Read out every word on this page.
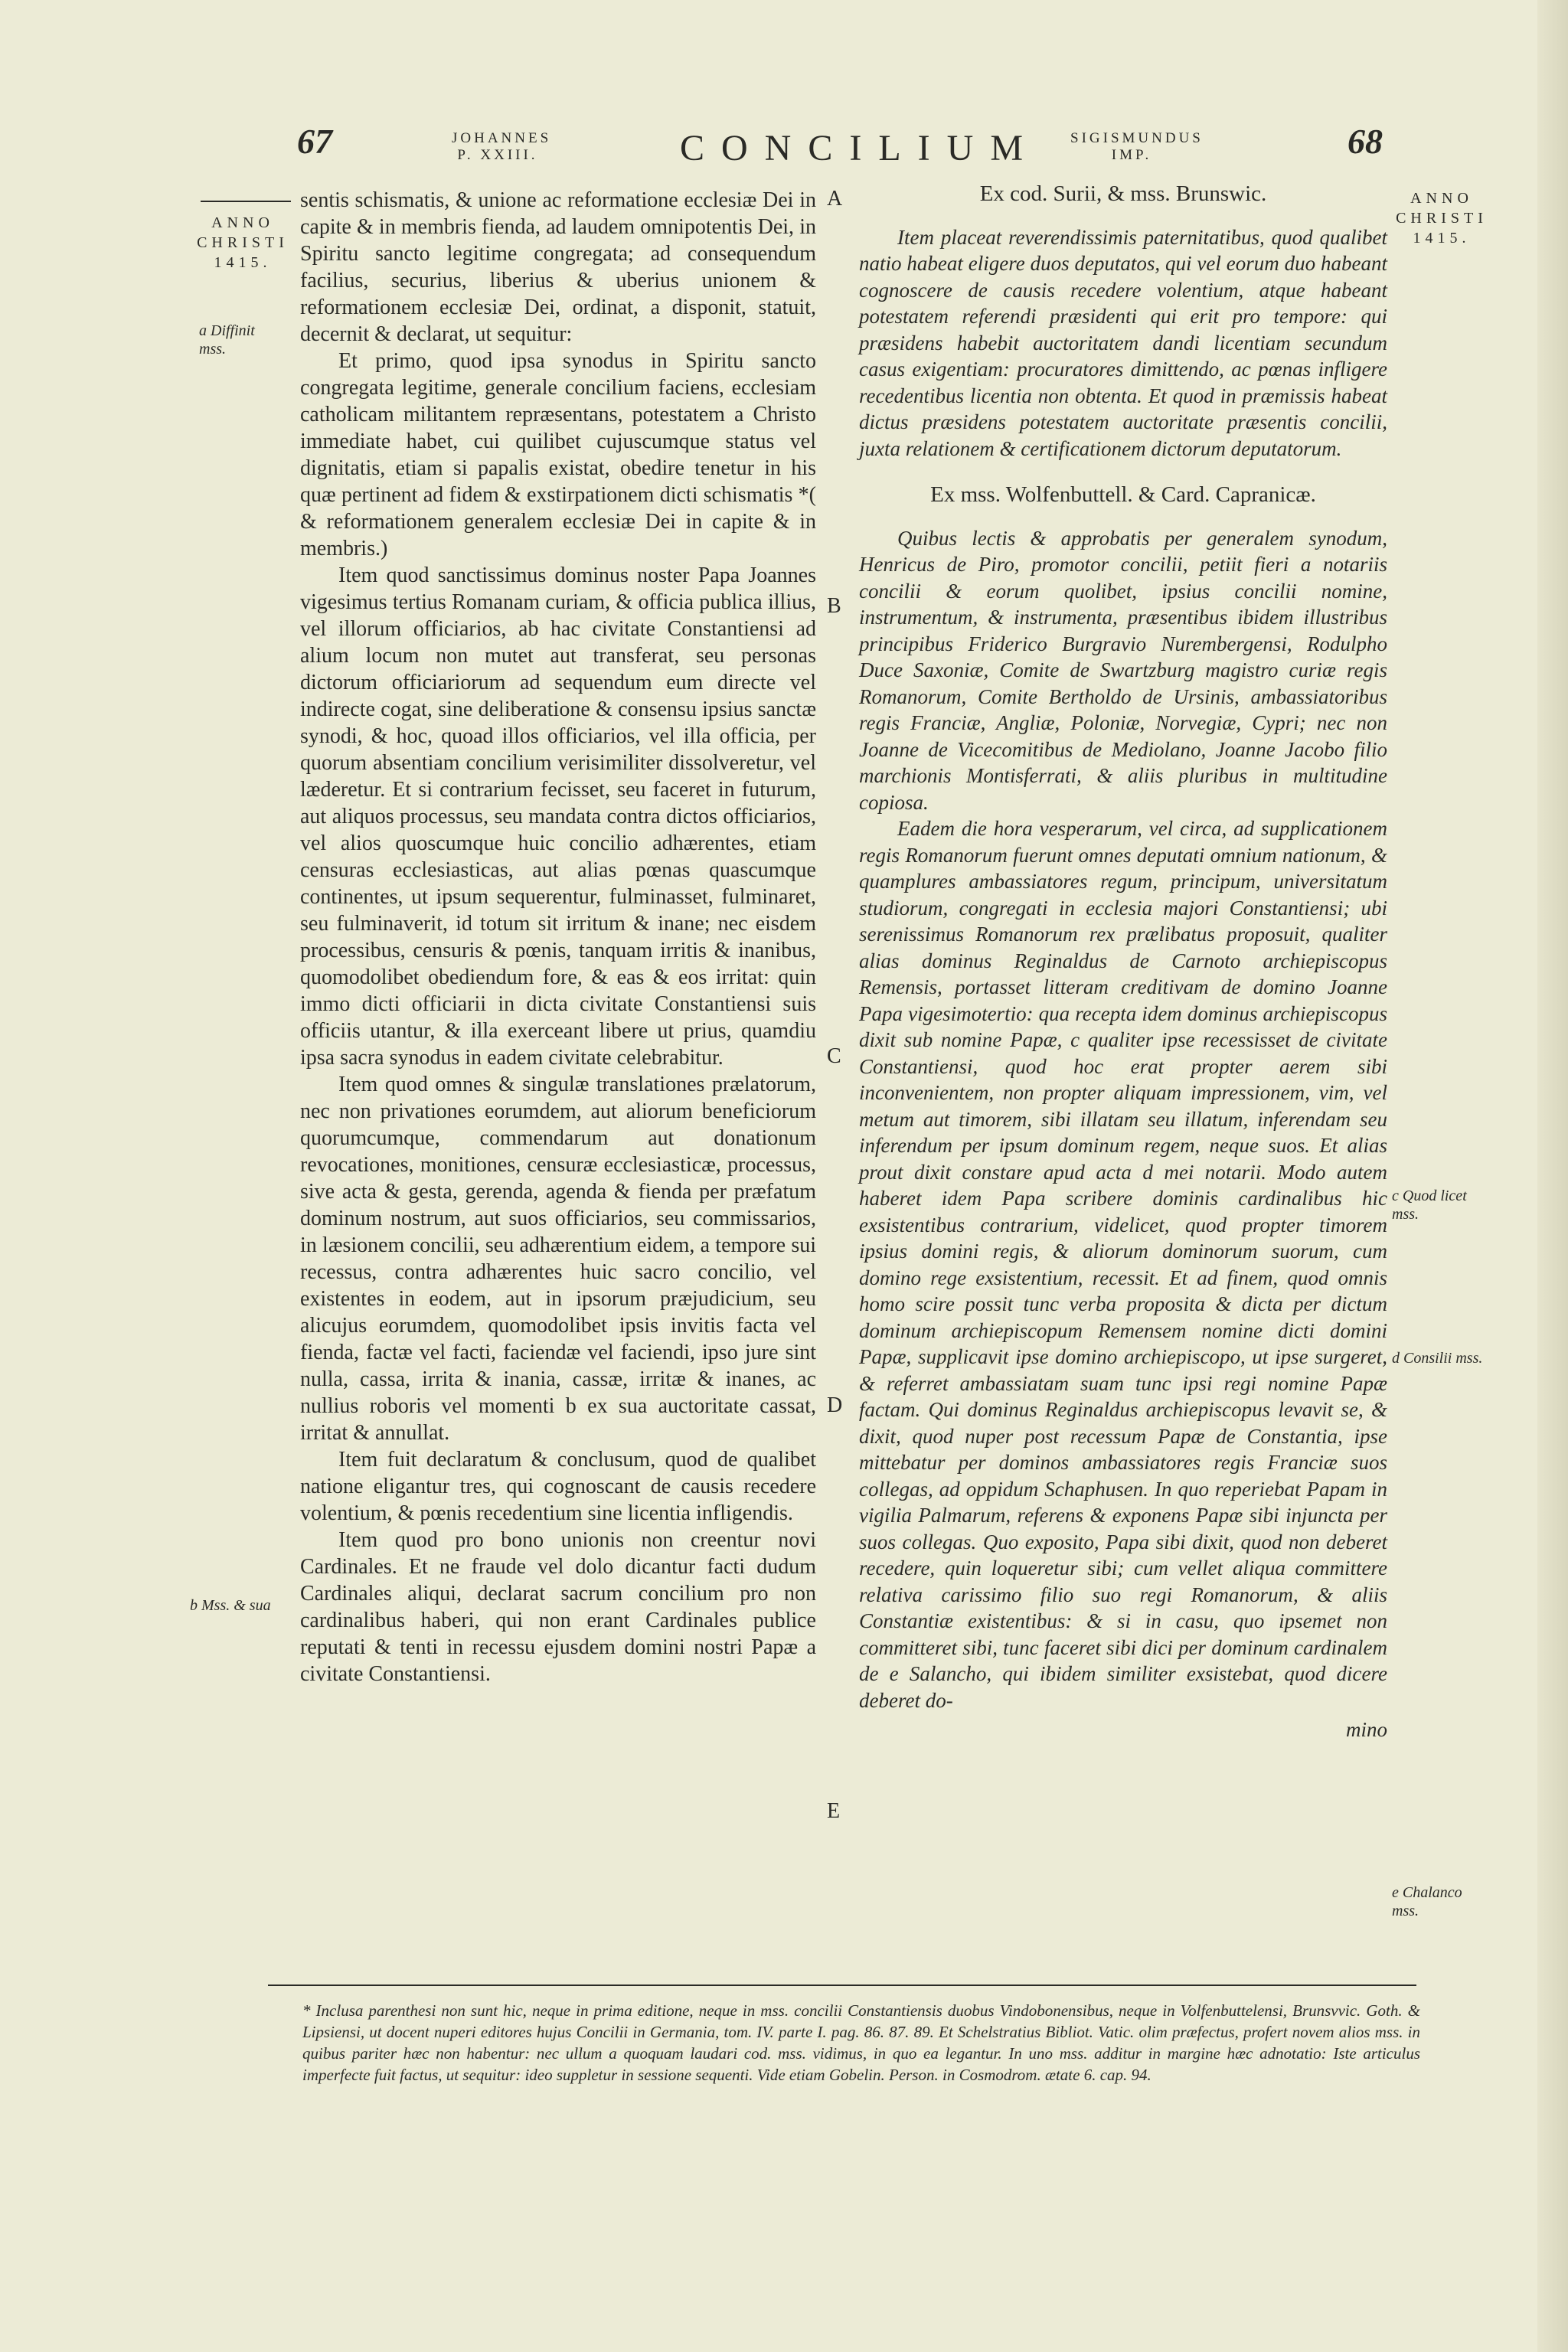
67	JOHANNES
P. XXIII.	CONCILIUM SIGISMUNDUS
IMP.	68
ANNO
CHRISTI
1415.
a Diffinit mss.
b Mss. & sua
ANNO
CHRISTI
1415.
c Quod licet mss.
d Consilii mss.
e Chalanco mss.
A
B
C
D
E

sentis schismatis, & unione ac reformatione ecclesiæ Dei in capite & in membris fienda, ad laudem omnipotentis Dei, in Spiritu sancto legitime congregata; ad consequendum facilius, securius, liberius & uberius unionem & reformationem ecclesiæ Dei, ordinat, a disponit, statuit, decernit & declarat, ut sequitur:

Et primo, quod ipsa synodus in Spiritu sancto congregata legitime, generale concilium faciens, ecclesiam catholicam militantem repræsentans, potestatem a Christo immediate habet, cui quilibet cujuscumque status vel dignitatis, etiam si papalis existat, obedire tenetur in his quæ pertinent ad fidem & exstirpationem dicti schismatis *( & reformationem generalem ecclesiæ Dei in capite & in membris.)

Item quod sanctissimus dominus noster Papa Joannes vigesimus tertius Romanam curiam, & officia publica illius, vel illorum officiarios, ab hac civitate Constantiensi ad alium locum non mutet aut transferat, seu personas dictorum officiariorum ad sequendum eum directe vel indirecte cogat, sine deliberatione & consensu ipsius sanctæ synodi, & hoc, quoad illos officiarios, vel illa officia, per quorum absentiam concilium verisimiliter dissolveretur, vel læderetur. Et si contrarium fecisset, seu faceret in futurum, aut aliquos processus, seu mandata contra dictos officiarios, vel alios quoscumque huic concilio adhærentes, etiam censuras ecclesiasticas, aut alias pœnas quascumque continentes, ut ipsum sequerentur, fulminasset, fulminaret, seu fulminaverit, id totum sit irritum & inane; nec eisdem processibus, censuris & pœnis, tanquam irritis & inanibus, quomodolibet obediendum fore, & eas & eos irritat: quin immo dicti officiarii in dicta civitate Constantiensi suis officiis utantur, & illa exerceant libere ut prius, quamdiu ipsa sacra synodus in eadem civitate celebrabitur.

Item quod omnes & singulæ translationes prælatorum, nec non privationes eorumdem, aut aliorum beneficiorum quorumcumque, commendarum aut donationum revocationes, monitiones, censuræ ecclesiasticæ, processus, sive acta & gesta, gerenda, agenda & fienda per præfatum dominum nostrum, aut suos officiarios, seu commissarios, in læsionem concilii, seu adhærentium eidem, a tempore sui recessus, contra adhærentes huic sacro concilio, vel existentes in eodem, aut in ipsorum præjudicium, seu alicujus eorumdem, quomodolibet ipsis invitis facta vel fienda, factæ vel facti, faciendæ vel faciendi, ipso jure sint nulla, cassa, irrita & inania, cassæ, irritæ & inanes, ac nullius roboris vel momenti b ex sua auctoritate cassat, irritat & annullat.

Item fuit declaratum & conclusum, quod de qualibet natione eligantur tres, qui cognoscant de causis recedere volentium, & pœnis recedentium sine licentia infligendis.

Item quod pro bono unionis non creentur novi Cardinales. Et ne fraude vel dolo dicantur facti dudum Cardinales aliqui, declarat sacrum concilium pro non cardinalibus haberi, qui non erant Cardinales publice reputati & tenti in recessu ejusdem domini nostri Papæ a civitate Constantiensi.

Ex cod. Surii, & mss. Brunswic.

Item placeat reverendissimis paternitatibus, quod qualibet natio habeat eligere duos deputatos, qui vel eorum duo habeant cognoscere de causis recedere volentium, atque habeant potestatem referendi præsidenti qui erit pro tempore: qui præsidens habebit auctoritatem dandi licentiam secundum casus exigentiam: procuratores dimittendo, ac pœnas infligere recedentibus licentia non obtenta. Et quod in præmissis habeat dictus præsidens potestatem auctoritate præsentis concilii, juxta relationem & certificationem dictorum deputatorum.

Ex mss. Wolfenbuttell. & Card. Capranicæ.

Quibus lectis & approbatis per generalem synodum, Henricus de Piro, promotor concilii, petiit fieri a notariis concilii & eorum quolibet, ipsius concilii nomine, instrumentum, & instrumenta, præsentibus ibidem illustribus principibus Friderico Burgravio Nurembergensi, Rodulpho Duce Saxoniæ, Comite de Swartzburg magistro curiæ regis Romanorum, Comite Bertholdo de Ursinis, ambassiatoribus regis Franciæ, Angliæ, Poloniæ, Norvegiæ, Cypri; nec non Joanne de Vicecomitibus de Mediolano, Joanne Jacobo filio marchionis Montisferrati, & aliis pluribus in multitudine copiosa.

Eadem die hora vesperarum, vel circa, ad supplicationem regis Romanorum fuerunt omnes deputati omnium nationum, & quamplures ambassiatores regum, principum, universitatum studiorum, congregati in ecclesia majori Constantiensi; ubi serenissimus Romanorum rex prælibatus proposuit, qualiter alias dominus Reginaldus de Carnoto archiepiscopus Remensis, portasset litteram creditivam de domino Joanne Papa vigesimotertio: qua recepta idem dominus archiepiscopus dixit sub nomine Papæ, c qualiter ipse recessisset de civitate Constantiensi, quod hoc erat propter aerem sibi inconvenientem, non propter aliquam impressionem, vim, vel metum aut timorem, sibi illatam seu illatum, inferendam seu inferendum per ipsum dominum regem, neque suos. Et alias prout dixit constare apud acta d mei notarii. Modo autem haberet idem Papa scribere dominis cardinalibus hic exsistentibus contrarium, videlicet, quod propter timorem ipsius domini regis, & aliorum dominorum suorum, cum domino rege exsistentium, recessit. Et ad finem, quod omnis homo scire possit tunc verba proposita & dicta per dictum dominum archiepiscopum Remensem nomine dicti domini Papæ, supplicavit ipse domino archiepiscopo, ut ipse surgeret, & referret ambassiatam suam tunc ipsi regi nomine Papæ factam. Qui dominus Reginaldus archiepiscopus levavit se, & dixit, quod nuper post recessum Papæ de Constantia, ipse mittebatur per dominos ambassiatores regis Franciæ suos collegas, ad oppidum Schaphusen. In quo reperiebat Papam in vigilia Palmarum, referens & exponens Papæ sibi injuncta per suos collegas. Quo exposito, Papa sibi dixit, quod non deberet recedere, quin loqueretur sibi; cum vellet aliqua committere relativa carissimo filio suo regi Romanorum, & aliis Constantiæ existentibus: & si in casu, quo ipsemet non committeret sibi, tunc faceret sibi dici per dominum cardinalem de e Salancho, qui ibidem similiter exsistebat, quod dicere deberet do-

mino
* Inclusa parenthesi non sunt hic, neque in prima editione, neque in mss. concilii Constantiensis duobus Vindobonensibus, neque in Volfenbuttelensi, Brunsvvic. Goth. & Lipsiensi, ut docent nuperi editores hujus Concilii in Germania, tom. IV. parte I. pag. 86. 87. 89. Et Schelstratius Bibliot. Vatic. olim præfectus, profert novem alios mss. in quibus pariter hæc non habentur: nec ullum a quoquam laudari cod. mss. vidimus, in quo ea legantur. In uno mss. additur in margine hæc adnotatio: Iste articulus imperfecte fuit factus, ut sequitur: ideo suppletur in sessione sequenti. Vide etiam Gobelin. Person. in Cosmodrom. ætate 6. cap. 94.
